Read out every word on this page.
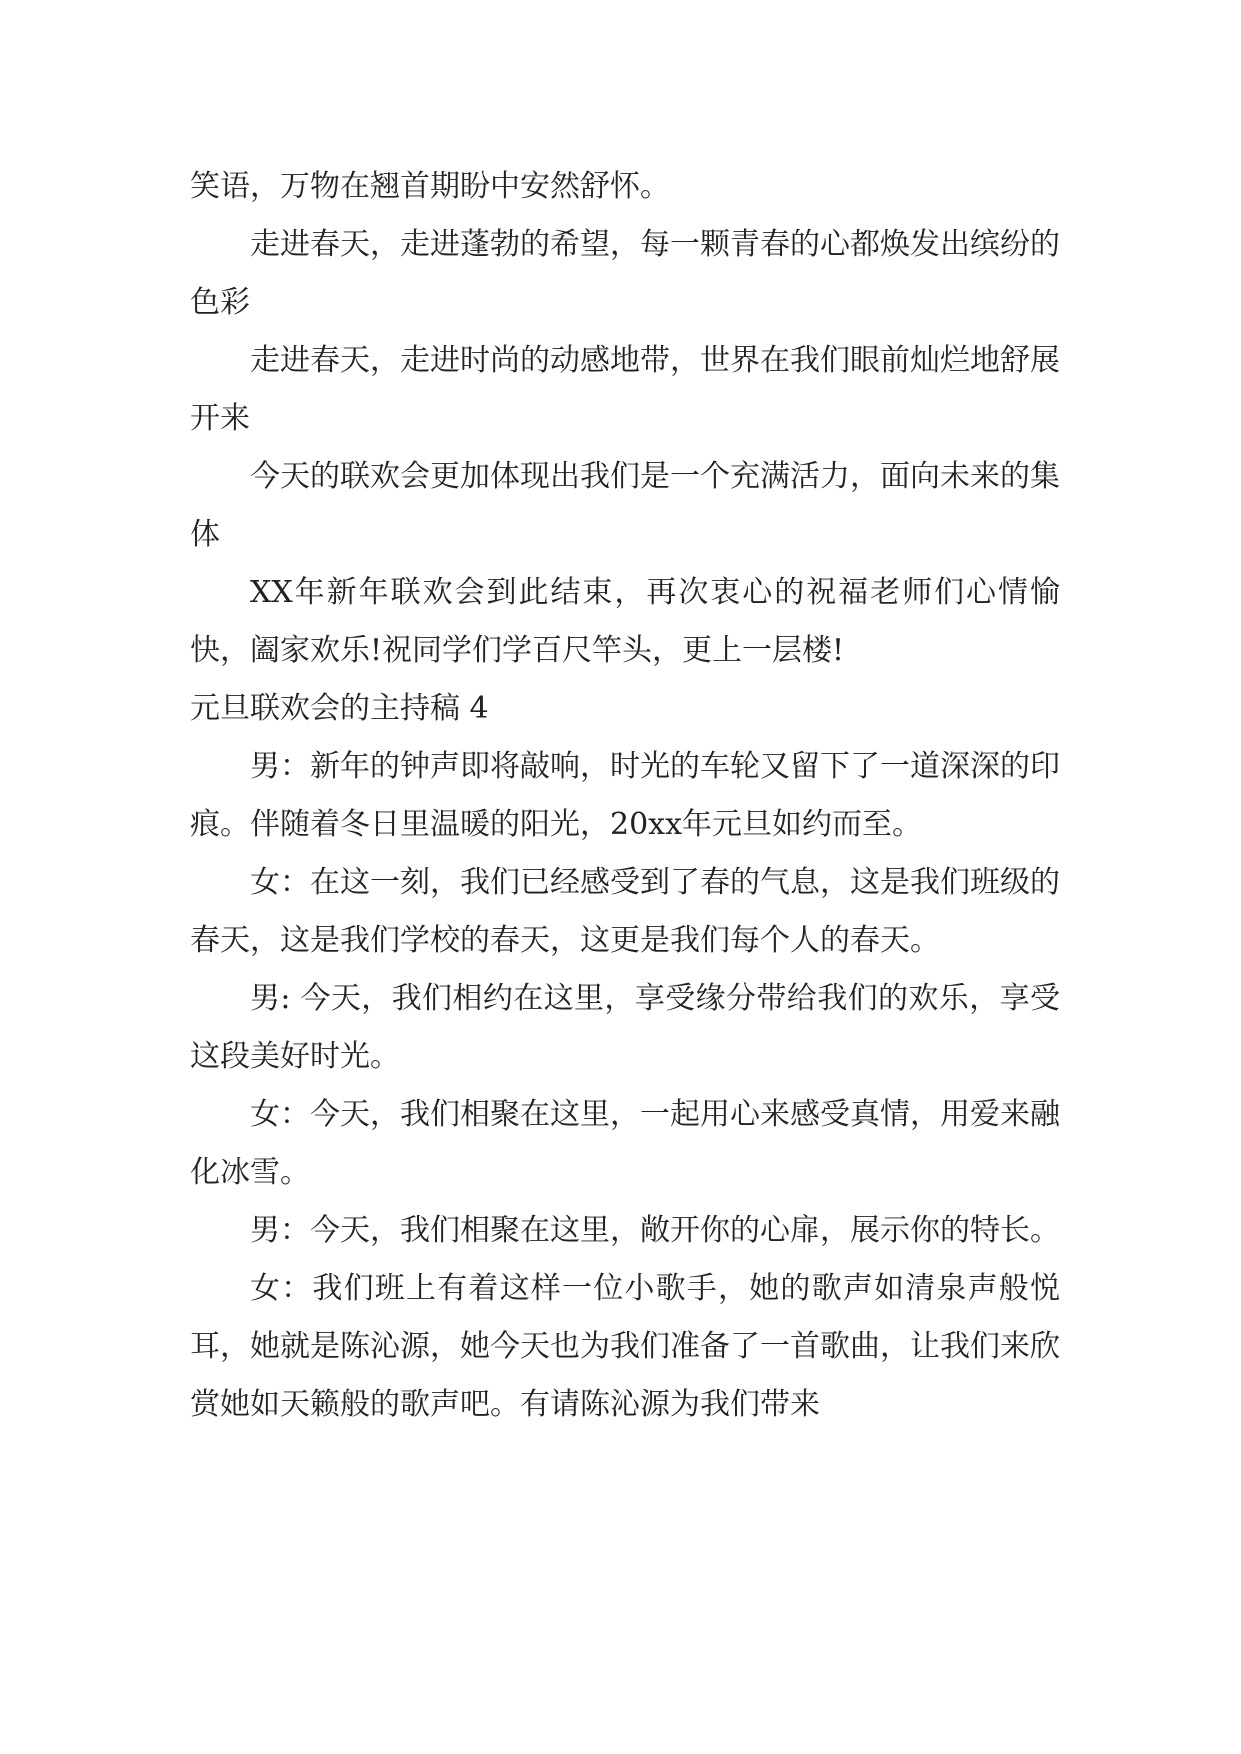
笑语，万物在翘首期盼中安然舒怀。

走进春天，走进蓬勃的希望，每一颗青春的心都焕发出缤纷的色彩

走进春天，走进时尚的动感地带，世界在我们眼前灿烂地舒展开来

今天的联欢会更加体现出我们是一个充满活力，面向未来的集体

XX年新年联欢会到此结束，再次衷心的祝福老师们心情愉快，阖家欢乐!祝同学们学百尺竿头，更上一层楼!

元旦联欢会的主持稿 4

男：新年的钟声即将敲响，时光的车轮又留下了一道深深的印痕。伴随着冬日里温暖的阳光，20xx年元旦如约而至。

女：在这一刻，我们已经感受到了春的气息，这是我们班级的春天，这是我们学校的春天，这更是我们每个人的春天。

男: 今天，我们相约在这里，享受缘分带给我们的欢乐，享受这段美好时光。

女：今天，我们相聚在这里，一起用心来感受真情，用爱来融化冰雪。

男：今天，我们相聚在这里，敞开你的心扉，展示你的特长。

女：我们班上有着这样一位小歌手，她的歌声如清泉声般悦耳，她就是陈沁源，她今天也为我们准备了一首歌曲，让我们来欣赏她如天籁般的歌声吧。有请陈沁源为我们带来
